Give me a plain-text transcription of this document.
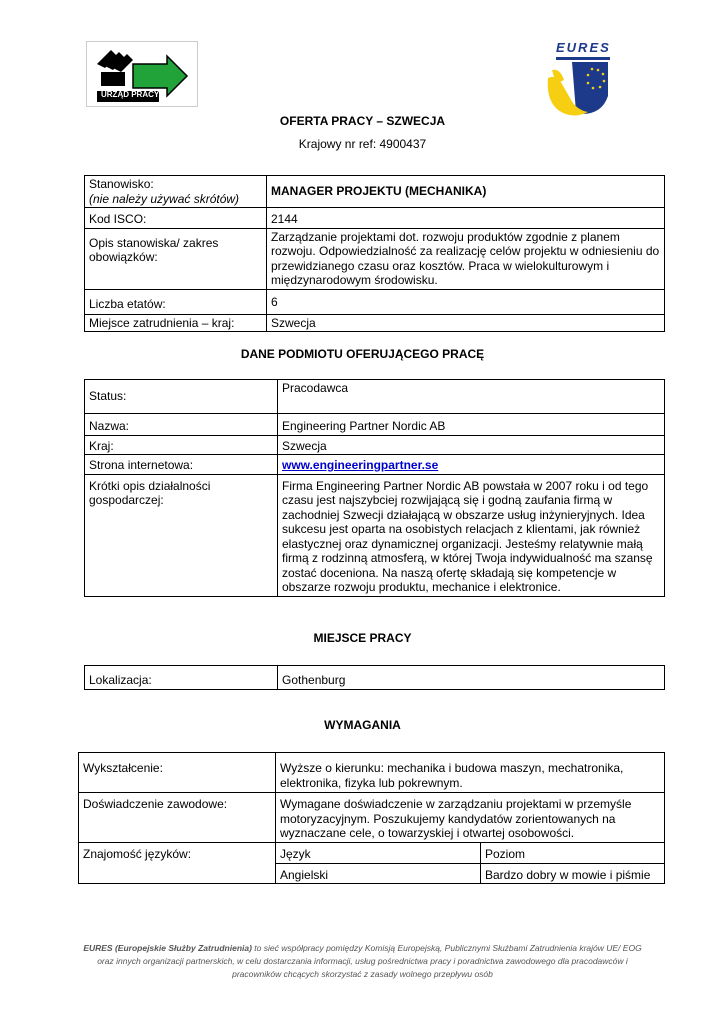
URZĄD PRACY
EURES
OFERTA PRACY – SZWECJA
Krajowy nr ref: 4900437
Stanowisko:
(nie należy używać skrótów)	MANAGER PROJEKTU (MECHANIKA)
Kod ISCO:	2144
Opis stanowiska/ zakres obowiązków:	Zarządzanie projektami dot. rozwoju produktów zgodnie z planem rozwoju. Odpowiedzialność za realizację celów projektu w odniesieniu do przewidzianego czasu oraz kosztów. Praca w wielokulturowym i międzynarodowym środowisku.
Liczba etatów:	6
Miejsce zatrudnienia – kraj:	Szwecja
DANE PODMIOTU OFERUJĄCEGO PRACĘ
Status:	Pracodawca
Nazwa:	Engineering Partner Nordic AB
Kraj:	Szwecja
Strona internetowa:	www.engineeringpartner.se
Krótki opis działalności gospodarczej:	Firma Engineering Partner Nordic AB powstała w 2007 roku i od tego czasu jest najszybciej rozwijającą się i godną zaufania firmą w zachodniej Szwecji działającą w obszarze usług inżynieryjnych. Idea sukcesu jest oparta na osobistych relacjach z klientami, jak również elastycznej oraz dynamicznej organizacji. Jesteśmy relatywnie małą firmą z rodzinną atmosferą, w której Twoja indywidualność ma szansę zostać doceniona. Na naszą ofertę składają się kompetencje w obszarze rozwoju produktu, mechanice i elektronice.
MIEJSCE PRACY
Lokalizacja:	Gothenburg
WYMAGANIA
Wykształcenie:	Wyższe o kierunku: mechanika i budowa maszyn, mechatronika, elektronika, fizyka lub pokrewnym.	
Doświadczenie zawodowe:	Wymagane doświadczenie w zarządzaniu projektami w przemyśle motoryzacyjnym. Poszukujemy kandydatów zorientowanych na wyznaczane cele, o towarzyskiej i otwartej osobowości.	
Znajomość języków:	Język	Poziom
	Angielski	Bardzo dobry w mowie i piśmie
EURES (Europejskie Służby Zatrudnienia) to sieć współpracy pomiędzy Komisją Europejską, Publicznymi Służbami Zatrudnienia krajów UE/ EOG
oraz innych organizacji partnerskich, w celu dostarczania informacji, usług pośrednictwa pracy i poradnictwa zawodowego dla pracodawców i
pracowników chcących skorzystać z zasady wolnego przepływu osób
